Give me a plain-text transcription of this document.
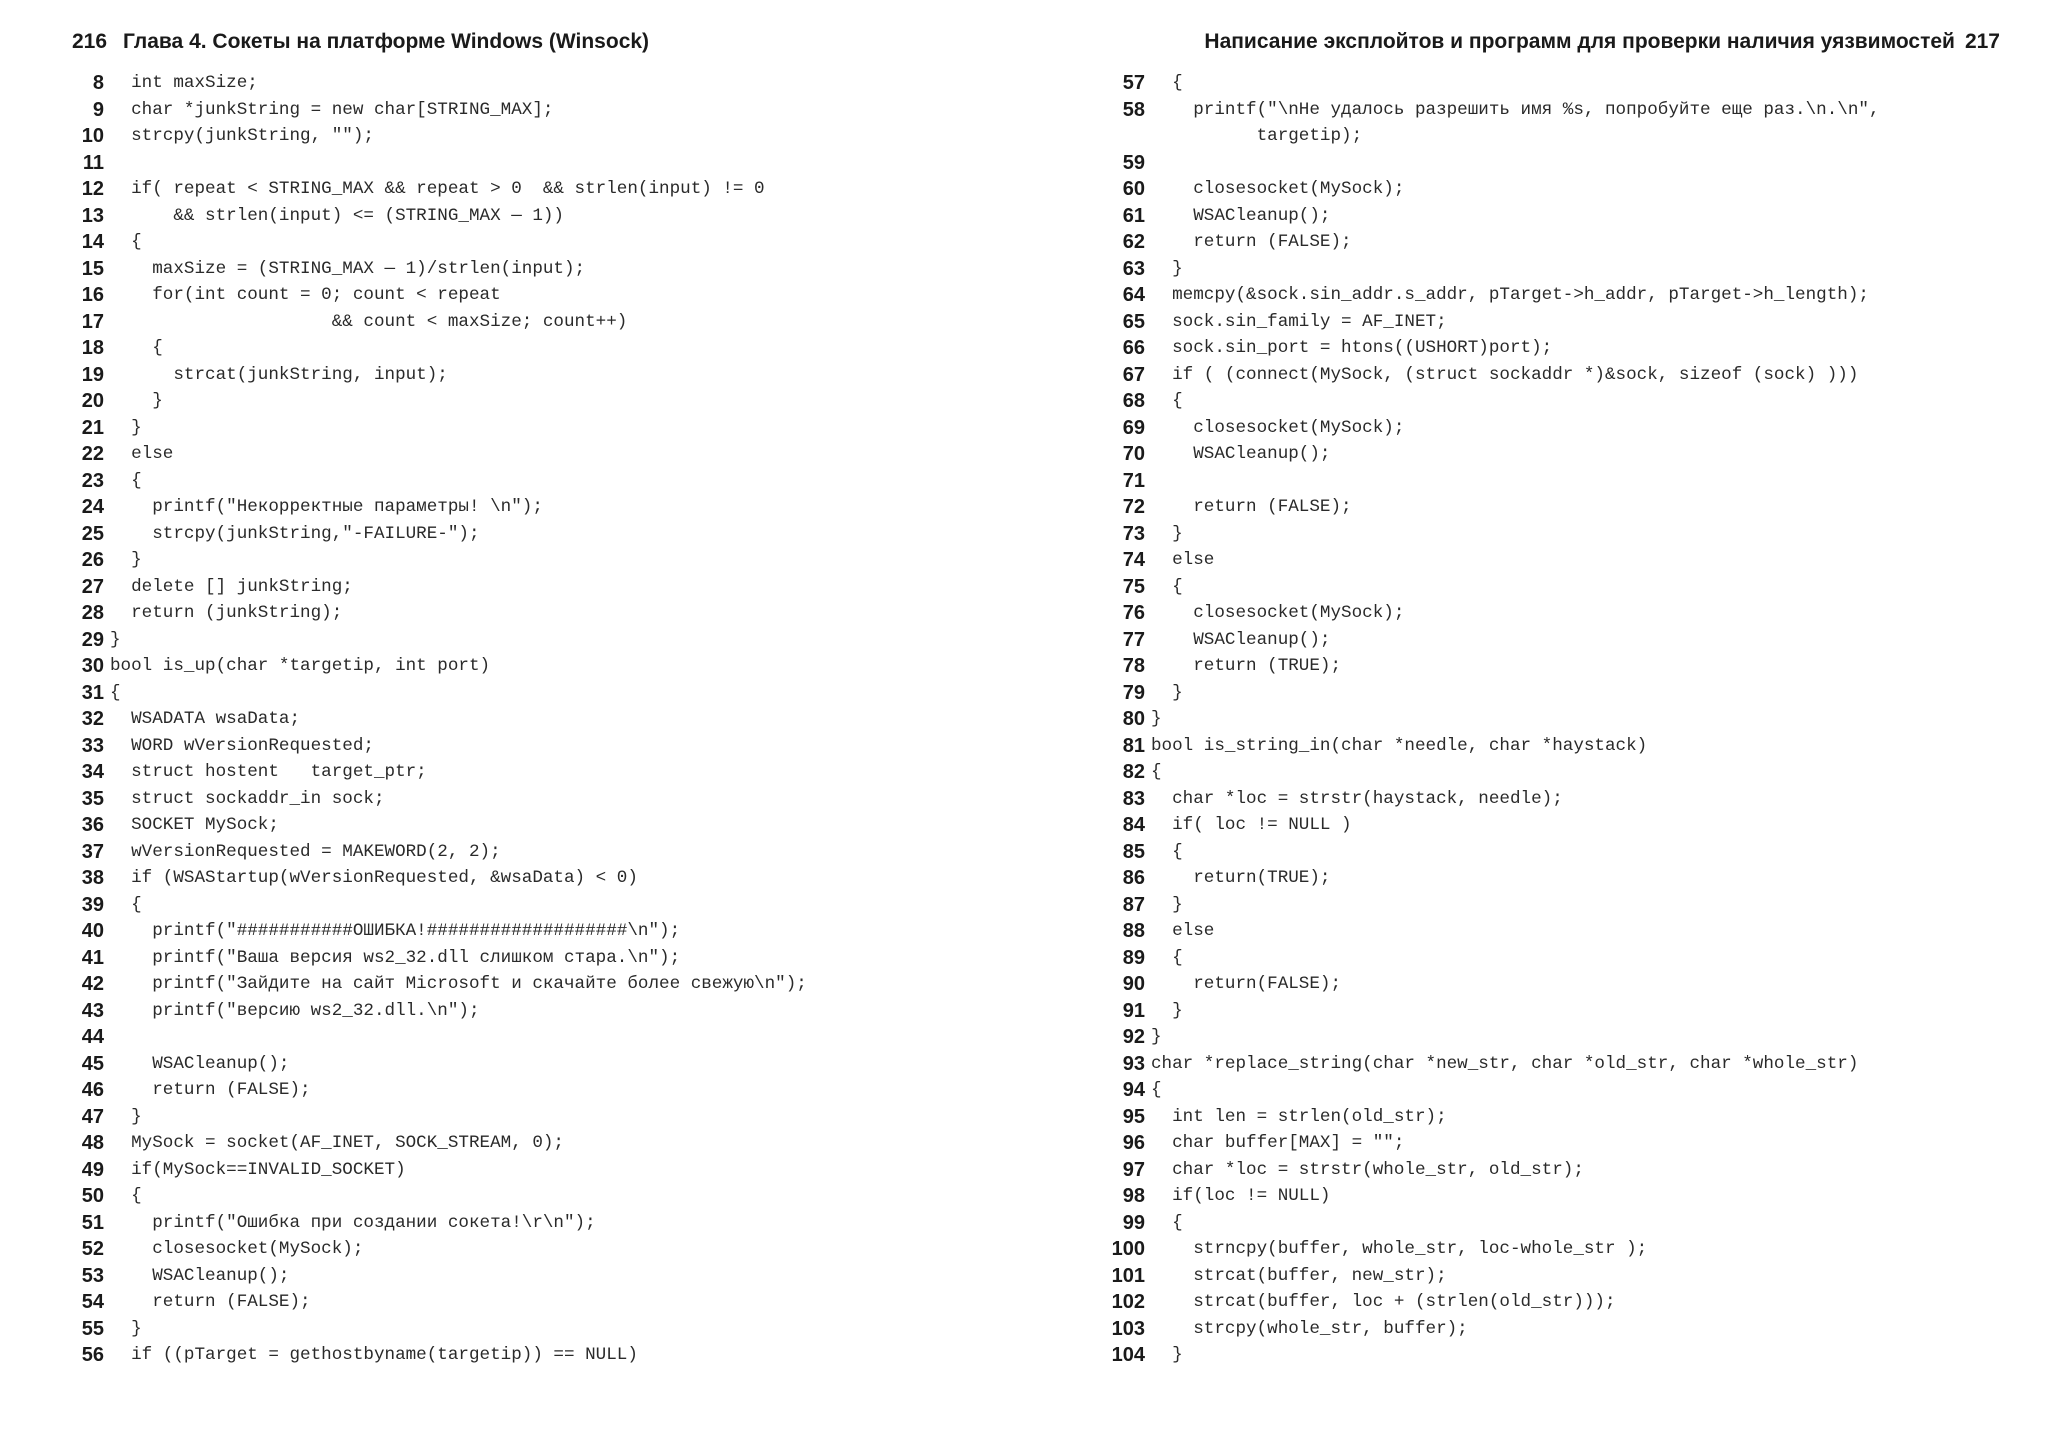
216 Глава 4. Сокеты на платформе Windows (Winsock)
8  int maxSize;
9  char *junkString = new char[STRING_MAX];
10  strcpy(junkString, "");
11
12  if( repeat < STRING_MAX && repeat > 0  && strlen(input) != 0
13      && strlen(input) <= (STRING_MAX — 1))
14  {
15    maxSize = (STRING_MAX — 1)/strlen(input);
16    for(int count = 0; count < repeat
17                     && count < maxSize; count++)
18    {
19      strcat(junkString, input);
20    }
21  }
22  else
23  {
24    printf("Некорректные параметры! \n");
25    strcpy(junkString,"-FAILURE-");
26  }
27  delete [] junkString;
28  return (junkString);
29 }
30 bool is_up(char *targetip, int port)
31 {
32  WSADATA wsaData;
33  WORD wVersionRequested;
34  struct hostent   target_ptr;
35  struct sockaddr_in sock;
36  SOCKET MySock;
37  wVersionRequested = MAKEWORD(2, 2);
38  if (WSAStartup(wVersionRequested, &wsaData) < 0)
39  {
40    printf("###########ОШИБКА!###################\n");
41    printf("Ваша версия ws2_32.dll слишком стара.\n");
42    printf("Зайдите на сайт Microsoft и скачайте более свежую\n");
43    printf("версию ws2_32.dll.\n");
44
45    WSACleanup();
46    return (FALSE);
47  }
48  MySock = socket(AF_INET, SOCK_STREAM, 0);
49  if(MySock==INVALID_SOCKET)
50  {
51    printf("Ошибка при создании сокета!\r\n");
52    closesocket(MySock);
53    WSACleanup();
54    return (FALSE);
55  }
56  if ((pTarget = gethostbyname(targetip)) == NULL)
Написание эксплойтов и программ для проверки наличия уязвимостей 217
57  {
58    printf("\nНе удалось разрешить имя %s, попробуйте еще раз.\n.\n",
targetip);
59
60    closesocket(MySock);
61    WSACleanup();
62    return (FALSE);
63  }
64  memcpy(&sock.sin_addr.s_addr, pTarget->h_addr, pTarget->h_length);
65  sock.sin_family = AF_INET;
66  sock.sin_port = htons((USHORT)port);
67  if ( (connect(MySock, (struct sockaddr *)&sock, sizeof (sock) )))
68  {
69    closesocket(MySock);
70    WSACleanup();
71
72    return (FALSE);
73  }
74  else
75  {
76    closesocket(MySock);
77    WSACleanup();
78    return (TRUE);
79  }
80 }
81 bool is_string_in(char *needle, char *haystack)
82 {
83  char *loc = strstr(haystack, needle);
84  if( loc != NULL )
85  {
86    return(TRUE);
87  }
88  else
89  {
90    return(FALSE);
91  }
92 }
93 char *replace_string(char *new_str, char *old_str, char *whole_str)
94 {
95  int len = strlen(old_str);
96  char buffer[MAX] = "";
97  char *loc = strstr(whole_str, old_str);
98  if(loc != NULL)
99  {
100    strncpy(buffer, whole_str, loc-whole_str );
101    strcat(buffer, new_str);
102    strcat(buffer, loc + (strlen(old_str)));
103    strcpy(whole_str, buffer);
104  }
